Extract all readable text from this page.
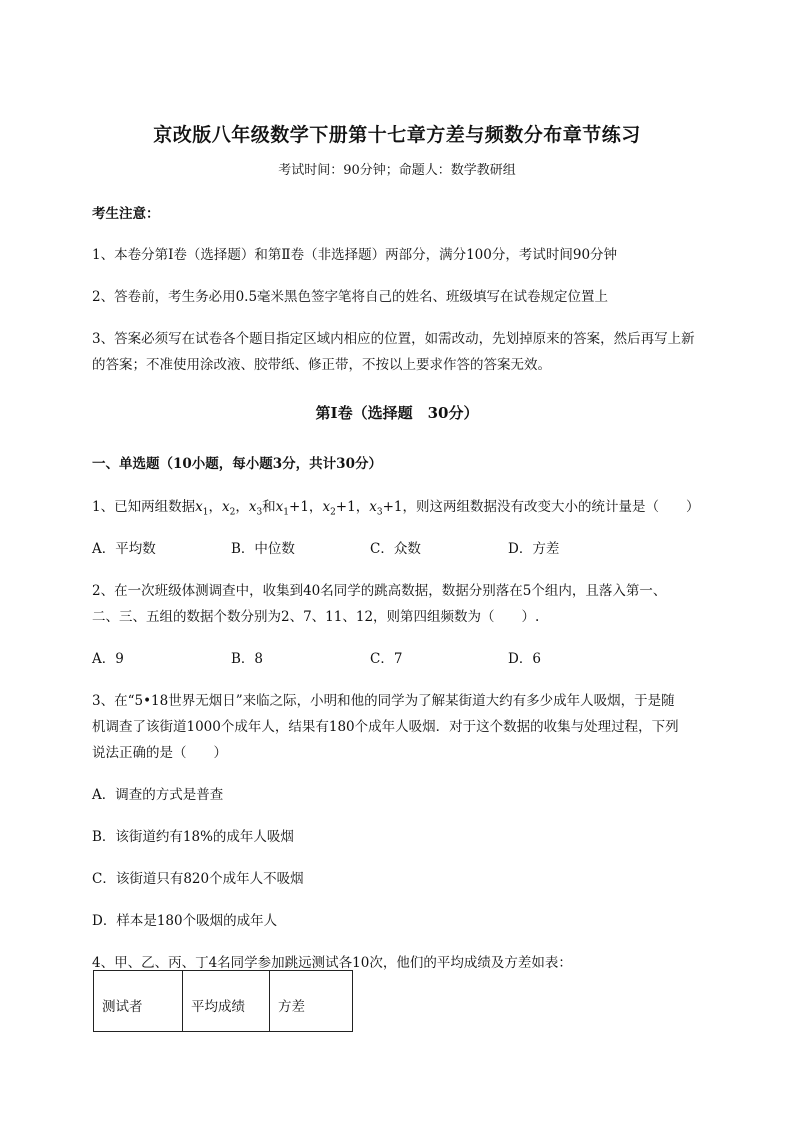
京改版八年级数学下册第十七章方差与频数分布章节练习
考试时间：90分钟；命题人：数学教研组
考生注意：
1、本卷分第Ⅰ卷（选择题）和第Ⅱ卷（非选择题）两部分，满分100分，考试时间90分钟
2、答卷前，考生务必用0.5毫米黑色签字笔将自己的姓名、班级填写在试卷规定位置上
3、答案必须写在试卷各个题目指定区域内相应的位置，如需改动，先划掉原来的答案，然后再写上新
的答案；不准使用涂改液、胶带纸、修正带，不按以上要求作答的答案无效。
第Ⅰ卷（选择题　30分）
一、单选题（10小题，每小题3分，共计30分）
1、已知两组数据$x_1$，$x_2$，$x_3$和$x_1+1$，$x_2+1$，$x_3+1$，则这两组数据没有改变大小的统计量是（　　）
A．平均数	B．中位数	C．众数	D．方差
2、在一次班级体测调查中，收集到40名同学的跳高数据，数据分别落在5个组内，且落入第一、
二、三、五组的数据个数分别为2、7、11、12，则第四组频数为（　　）.
A．9	B．8	C．7	D．6
3、在“5•18世界无烟日”来临之际，小明和他的同学为了解某街道大约有多少成年人吸烟，于是随
机调查了该街道1000个成年人，结果有180个成年人吸烟．对于这个数据的收集与处理过程，下列
说法正确的是（　　）
A．调查的方式是普查
B．该街道约有18%的成年人吸烟
C．该街道只有820个成年人不吸烟
D．样本是180个吸烟的成年人
4、甲、乙、丙、丁4名同学参加跳远测试各10次，他们的平均成绩及方差如表：
测试者	平均成绩	方差
